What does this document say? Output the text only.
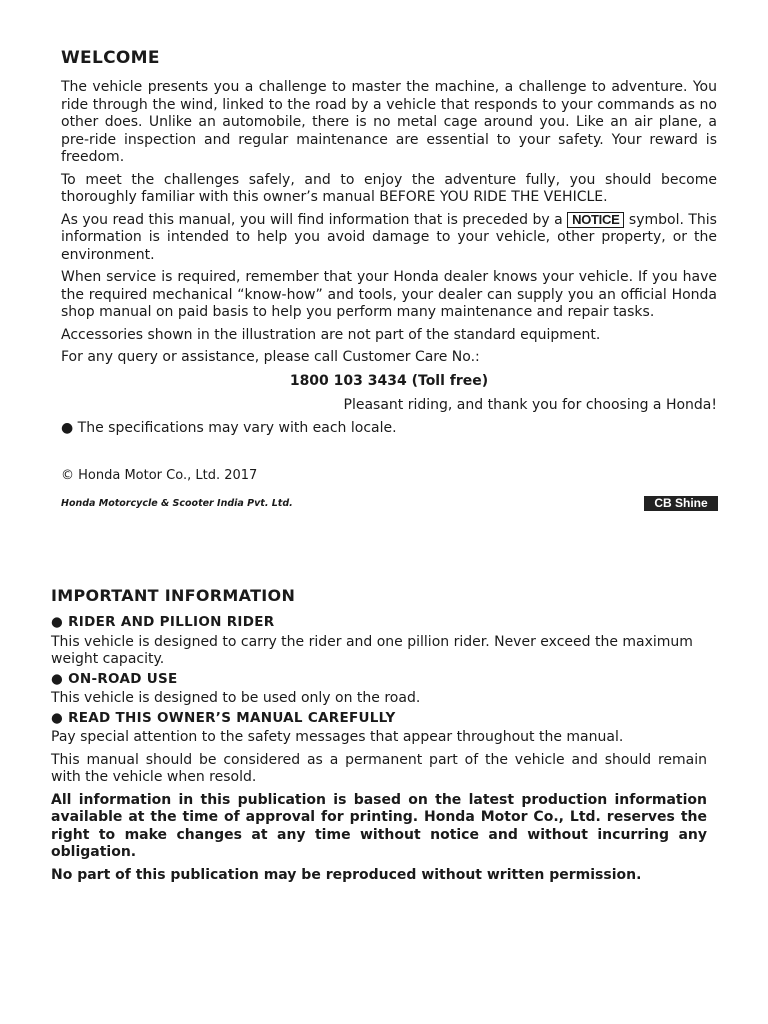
WELCOME
The vehicle presents you a challenge to master the machine, a challenge to adventure. You ride through the wind, linked to the road by a vehicle that responds to your commands as no other does. Unlike an automobile, there is no metal cage around you. Like an air plane, a pre-ride inspection and regular maintenance are essential to your safety. Your reward is freedom.
To meet the challenges safely, and to enjoy the adventure fully, you should become thoroughly familiar with this owner’s manual BEFORE YOU RIDE THE VEHICLE.
As you read this manual, you will find information that is preceded by a NOTICE symbol. This information is intended to help you avoid damage to your vehicle, other property, or the environment.
When service is required, remember that your Honda dealer knows your vehicle. If you have the required mechanical “know-how” and tools, your dealer can supply you an official Honda shop manual on paid basis to help you perform many maintenance and repair tasks.
Accessories shown in the illustration are not part of the standard equipment.
For any query or assistance, please call Customer Care No.:
1800 103 3434 (Toll free)
Pleasant riding, and thank you for choosing a Honda!
● The specifications may vary with each locale.
© Honda Motor Co., Ltd. 2017
Honda Motorcycle & Scooter India Pvt. Ltd.	CB Shine
IMPORTANT INFORMATION
● RIDER AND PILLION RIDER
This vehicle is designed to carry the rider and one pillion rider. Never exceed the maximum weight capacity.
● ON-ROAD USE
This vehicle is designed to be used only on the road.
● READ THIS OWNER’S MANUAL CAREFULLY
Pay special attention to the safety messages that appear throughout the manual.
This manual should be considered as a permanent part of the vehicle and should remain with the vehicle when resold.
All information in this publication is based on the latest production information available at the time of approval for printing. Honda Motor Co., Ltd. reserves the right to make changes at any time without notice and without incurring any obligation.
No part of this publication may be reproduced without written permission.
